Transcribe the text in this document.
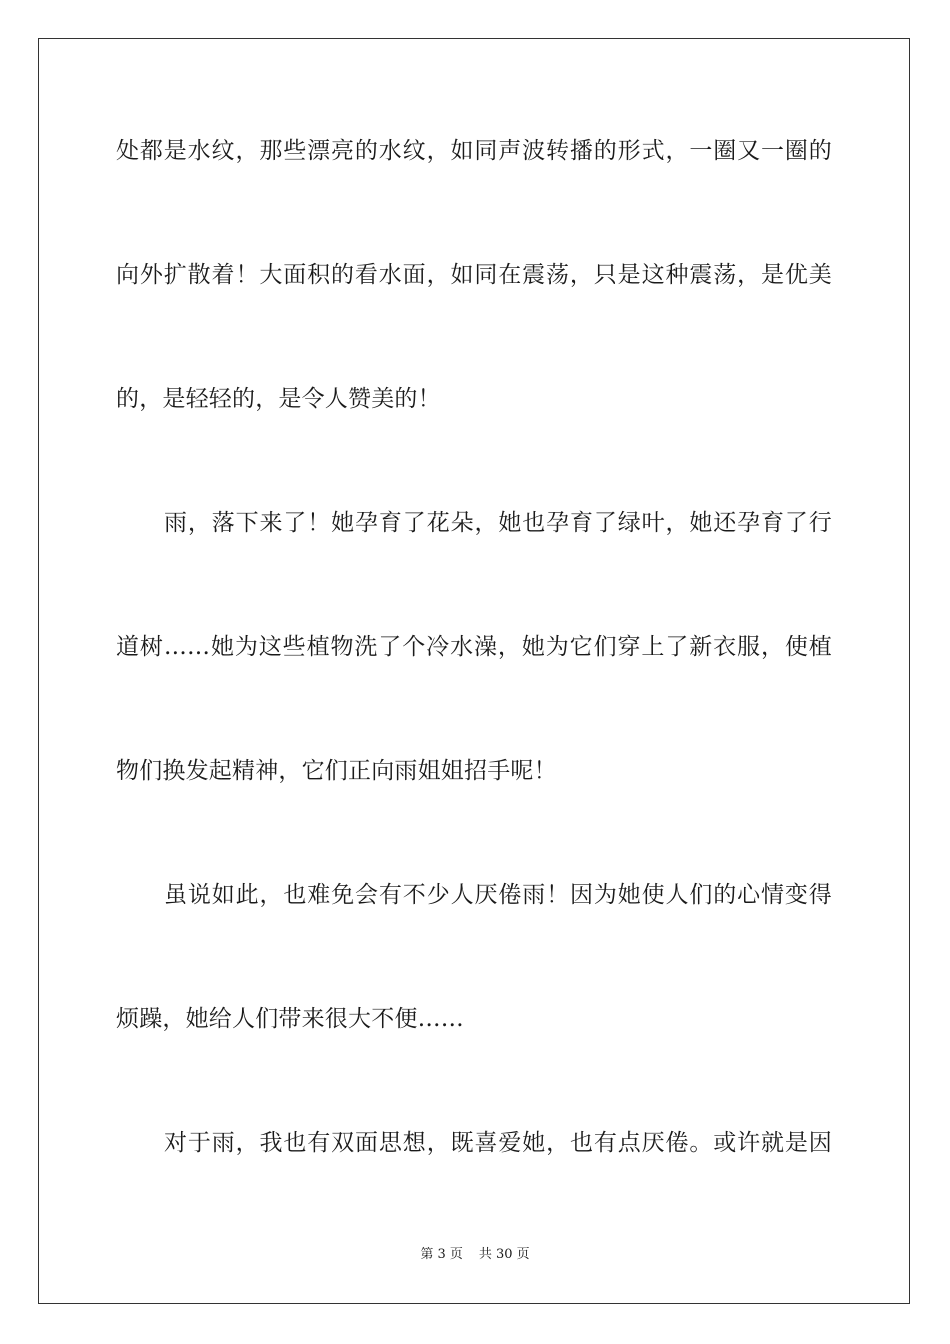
处都是水纹，那些漂亮的水纹，如同声波转播的形式，一圈又一圈的
向外扩散着！大面积的看水面，如同在震荡，只是这种震荡，是优美
的，是轻轻的，是令人赞美的！
雨，落下来了！她孕育了花朵，她也孕育了绿叶，她还孕育了行
道树……她为这些植物洗了个冷水澡，她为它们穿上了新衣服，使植
物们换发起精神，它们正向雨姐姐招手呢！
虽说如此，也难免会有不少人厌倦雨！因为她使人们的心情变得
烦躁，她给人们带来很大不便……
对于雨，我也有双面思想，既喜爱她，也有点厌倦。或许就是因
第 3 页 共 30 页
